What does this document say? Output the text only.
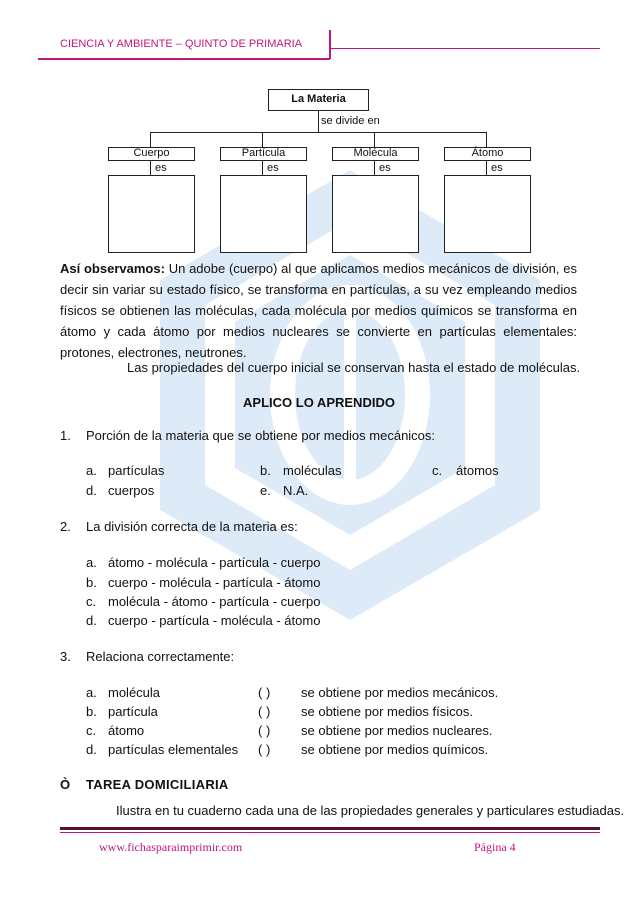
CIENCIA Y AMBIENTE – QUINTO DE PRIMARIA
La Materia
se divide en
Cuerpo
es
Partícula
es
Molécula
es
Átomo
es
Así observamos: Un adobe (cuerpo) al que aplicamos medios mecánicos de división, es
decir sin variar su estado físico, se transforma en partículas, a su vez empleando medios
físicos se obtienen las moléculas, cada molécula por medios químicos se transforma en
átomo y cada átomo por medios nucleares se convierte en partículas elementales:
protones, electrones, neutrones.
Las propiedades del cuerpo inicial se conservan hasta el estado de moléculas.
APLICO LO APRENDIDO
1. Porción de la materia que se obtiene por medios mecánicos:
a. partículas	b. moléculas	c. átomos
d. cuerpos	e. N.A.
2. La división correcta de la materia es:
a. átomo - molécula - partícula - cuerpo
b. cuerpo - molécula - partícula - átomo
c. molécula - átomo - partícula - cuerpo
d. cuerpo - partícula - molécula - átomo
3. Relaciona correctamente:
a. molécula	( ) se obtiene por medios mecánicos.
b. partícula	( ) se obtiene por medios físicos.
c. átomo	( ) se obtiene por medios nucleares.
d. partículas elementales ( ) se obtiene por medios químicos.
Ò TAREA DOMICILIARIA
Ilustra en tu cuaderno cada una de las propiedades generales y particulares estudiadas.
www.fichasparaimprimir.com	Página 4
